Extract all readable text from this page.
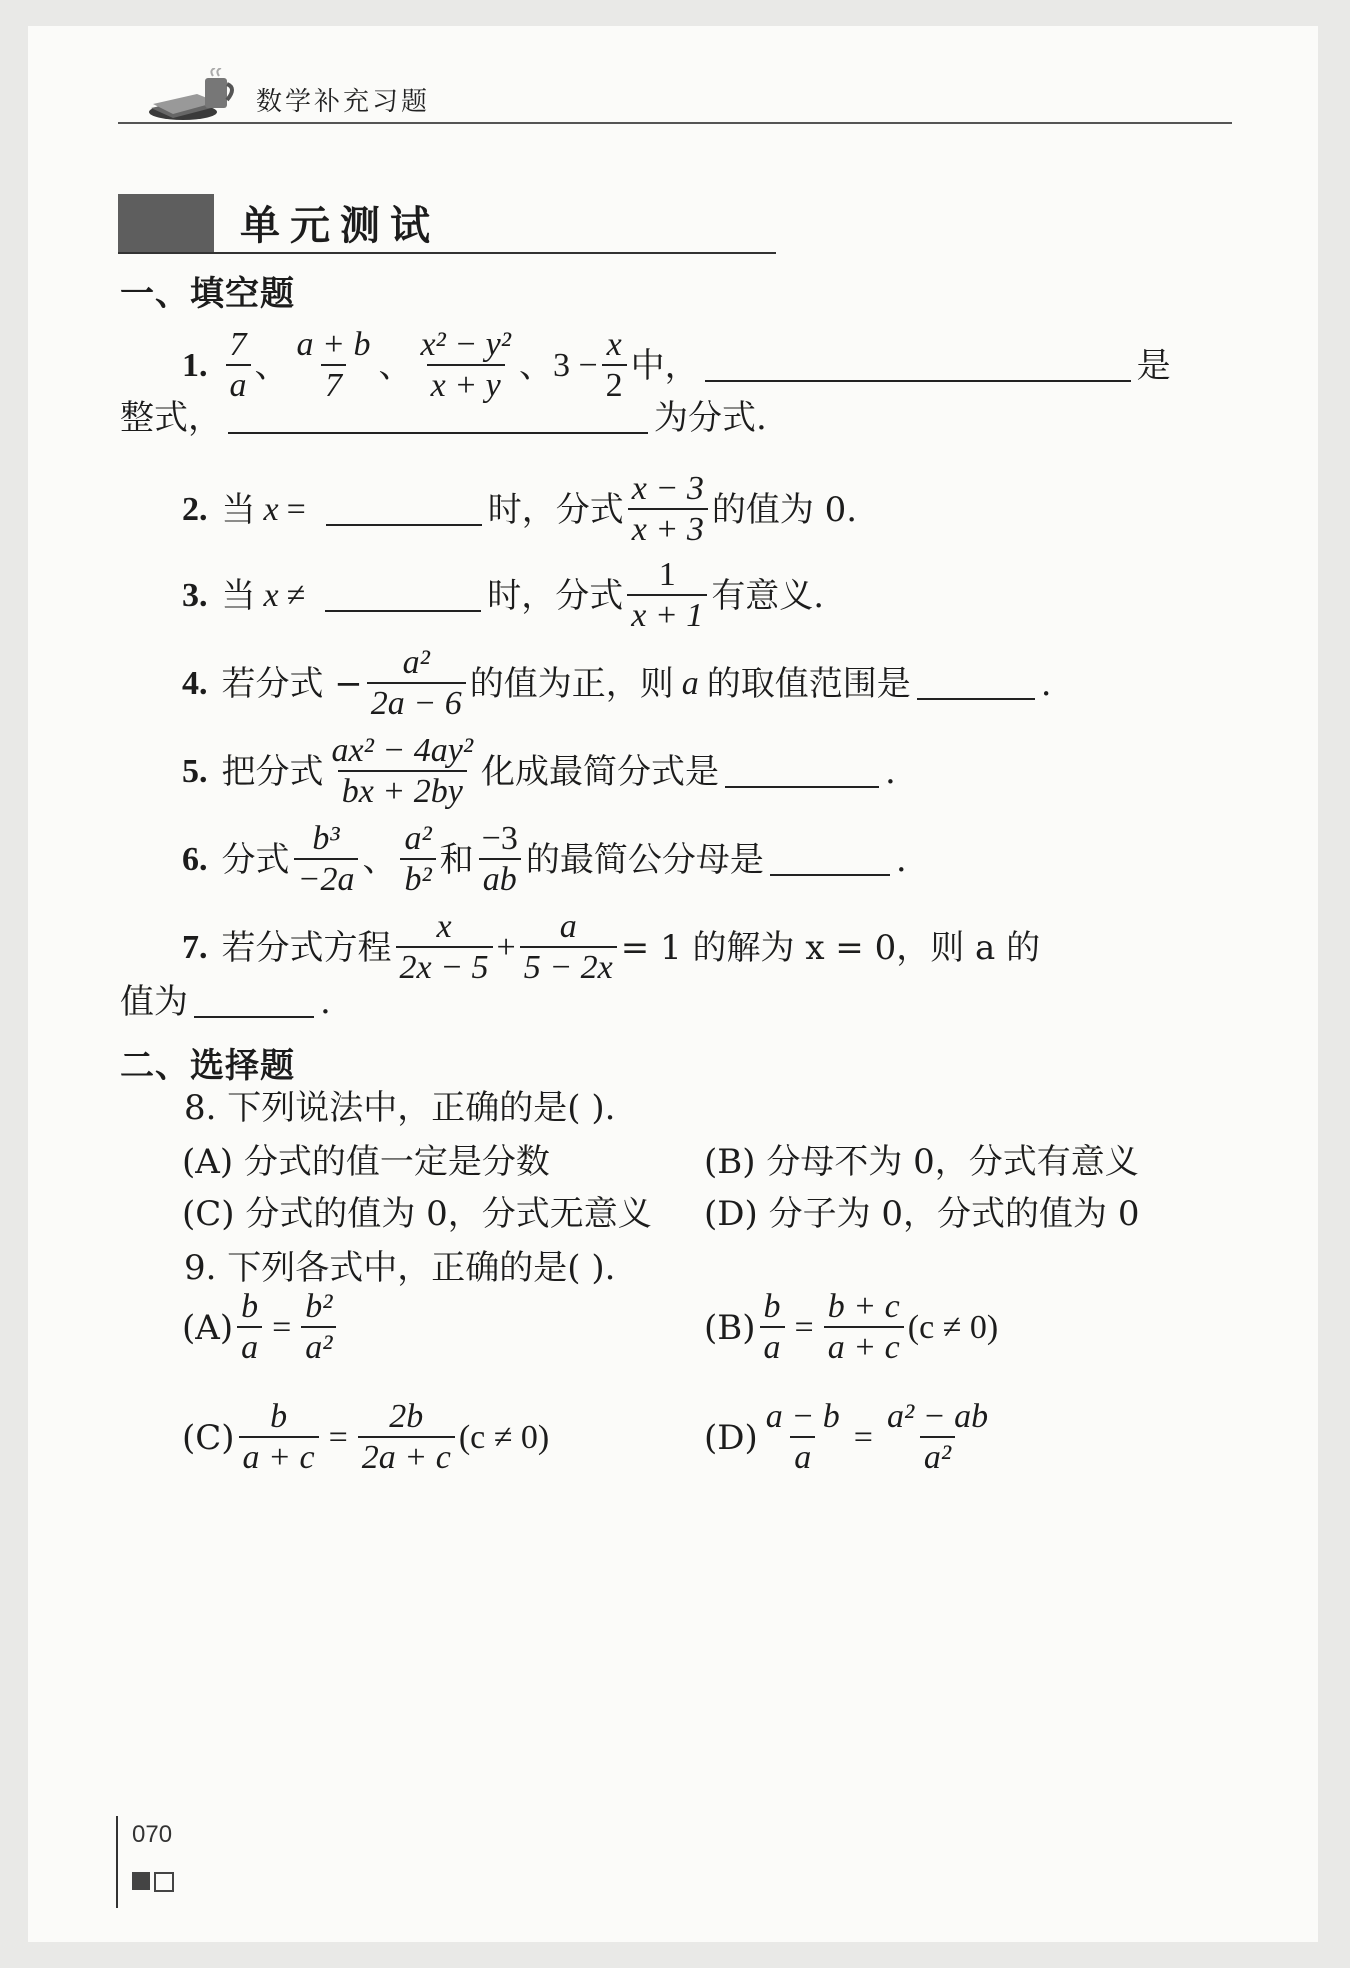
数学补充习题
单元测试
一、填空题
1. $\frac{7}{a}$ 、 $\frac{a + b}{7}$ 、 $\frac{\text{x² − y²}}{x + y}$ 、 $3 - \frac{x}{2}$ 中，	是
整式，	为分式.
2. 当 x =	时，分式 $\frac{x - 3}{x + 3}$ 的值为 0.
3. 当 x ≠	时，分式 $\frac{1}{x + 1}$ 有意义.
4. 若分式 − $\frac{\text{a²}}{2a - 6}$ 的值为正，则 a 的取值范围是	.
5. 把分式 $\frac{\text{ax² − 4ay²}}{bx + 2by}$ 化成最简分式是	.
6. 分式 $\frac{\text{b³}}{-2a}$ 、 $\frac{\text{a²}}{\text{b²}}$ 和 $\frac{-3}{ab}$ 的最简公分母是	.
7. 若分式方程 $\frac{x}{2x - 5} + \frac{a}{5 - 2x} = 1$ 的解为 x = 0，则 a 的
值为	.
二、选择题
8. 下列说法中，正确的是( ).
(A) 分式的值一定是分数	(B) 分母不为 0，分式有意义
(C) 分式的值为 0，分式无意义 (D) 分子为 0，分式的值为 0
9. 下列各式中，正确的是( ).
$(A) \frac{b}{a} = \frac{\text{b²}}{\text{a²}}$	$(B) \frac{b}{a} = \frac{b + c}{a + c} (c \ne 0)$
$(C) \frac{b}{a + c} = \frac{2b}{2a + c} (c \ne 0)$	$(D) \frac{a - b}{a} = \frac{\text{a² − ab}}{\text{a²}}$
070
